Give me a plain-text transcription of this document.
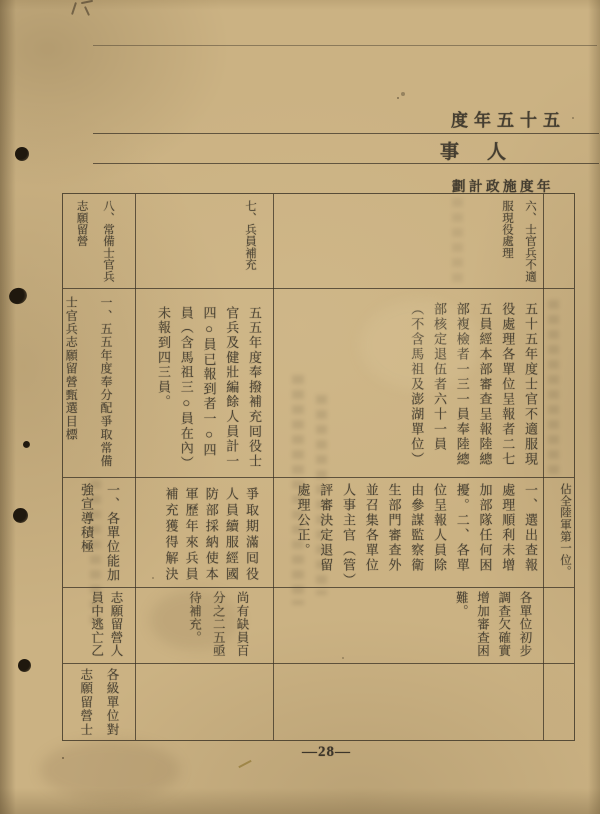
五十五年度
人事
年度施政計劃
六、士官兵不適服現役處理
七、兵員補充
八、常備士官兵志願留營
五十五年度士官不適服現役處理各單位呈報者二七五員經本部審查呈報陸總部複檢者一三一員奉陸總部核定退伍者六十一員（不含馬祖及澎湖單位）
五五年度奉撥補充囘役士官兵及健壯編餘人員計一四○員已報到者一○四員（含馬祖三○員在內）未報到四三員。
一、五五年度奉分配爭取常備士官兵志願留營甄選目標
佔全陸軍第一位。
一、選出查報處理順利未增加部隊任何困擾。二、各單位呈報人員除由參謀監察衛生部門審查外並召集各單位人事主官（管）評審決定退留處理公正。
爭取期滿囘役人員續服經國防部採納使本軍歷年來兵員補充獲得解決
一、各單位能加強宣導積極
各單位初步調查欠確實增加審查困難。
尚有缺員百分之二五亟待補充。
志願留營人員中逃亡乙
各級單位對志願留營士
—28—
